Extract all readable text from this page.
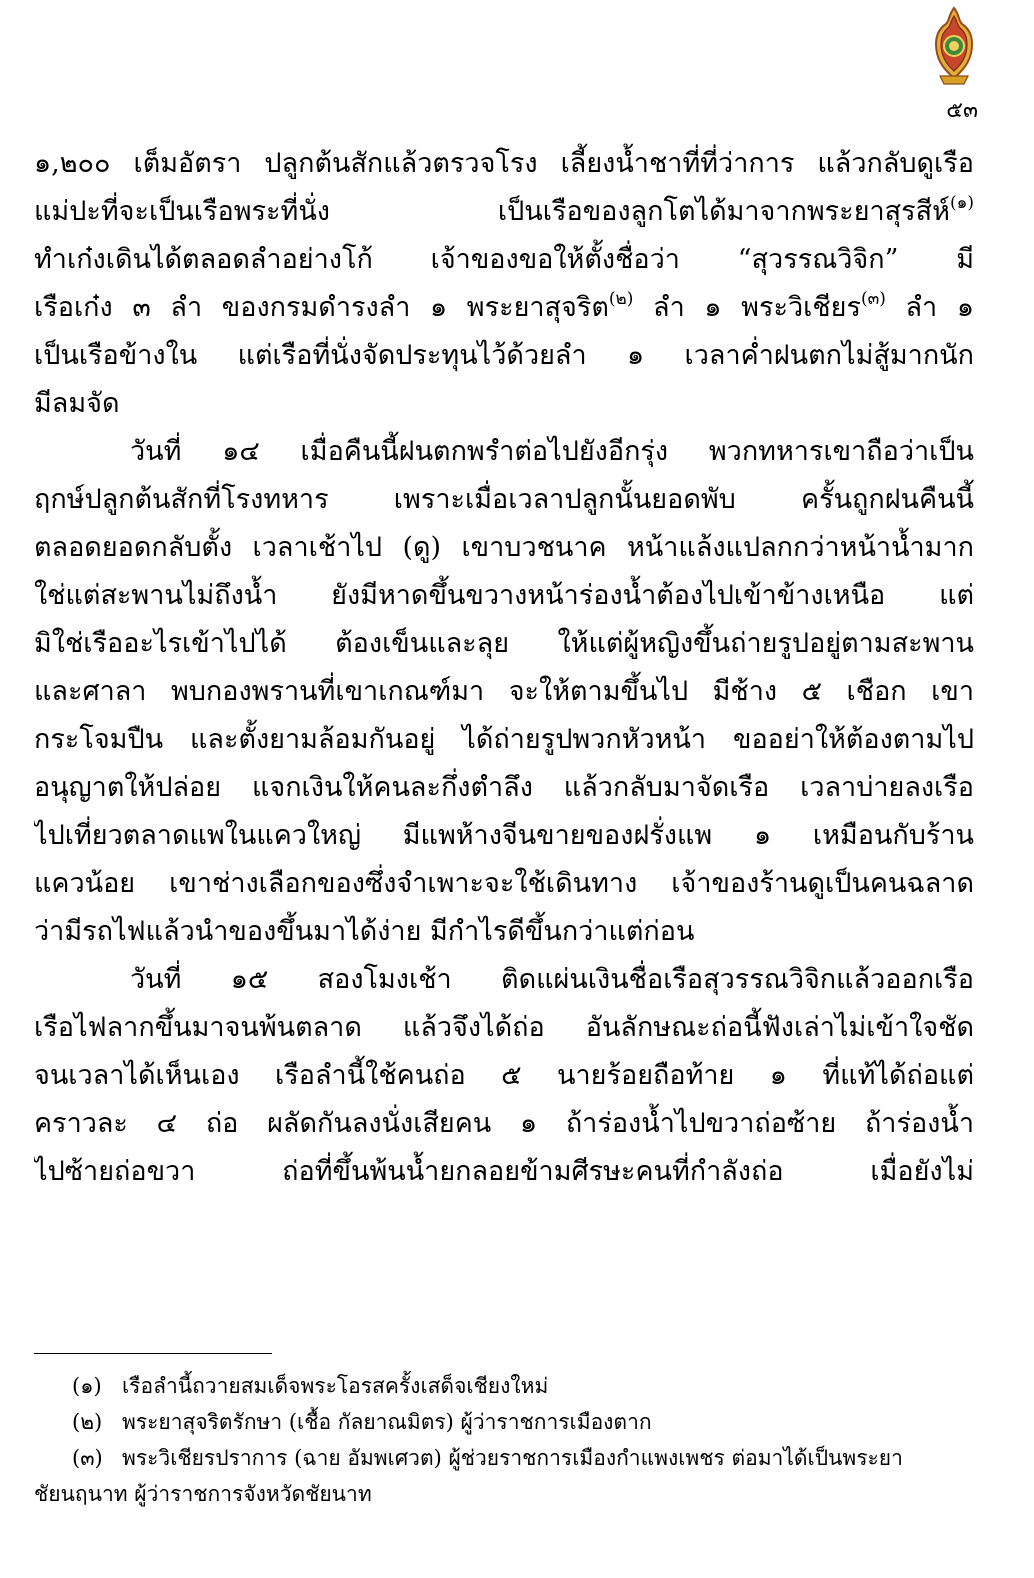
๕๓
๑,๒๐๐ เต็มอัตรา ปลูกต้นสักแล้วตรวจโรง เลี้ยงน้ำชาที่ที่ว่าการ แล้วกลับดูเรือ
แม่ปะที่จะเป็นเรือพระที่นั่ง เป็นเรือของลูกโตได้มาจากพระยาสุรสีห์$^{(๑)}$
ทำเก๋งเดินได้ตลอดลำอย่างโก้ เจ้าของขอให้ตั้งชื่อว่า “สุวรรณวิจิก” มี
เรือเก๋ง ๓ ลำ ของกรมดำรงลำ ๑ พระยาสุจริต$^{(๒)}$ ลำ ๑ พระวิเชียร$^{(๓)}$ ลำ ๑
เป็นเรือข้างใน แต่เรือที่นั่งจัดประทุนไว้ด้วยลำ ๑ เวลาค่ำฝนตกไม่สู้มากนัก
มีลมจัด
วันที่ ๑๔ เมื่อคืนนี้ฝนตกพรำต่อไปยังอีกรุ่ง พวกทหารเขาถือว่าเป็น
ฤกษ์ปลูกต้นสักที่โรงทหาร เพราะเมื่อเวลาปลูกนั้นยอดพับ ครั้นถูกฝนคืนนี้
ตลอดยอดกลับตั้ง เวลาเช้าไป (ดู) เขาบวชนาค หน้าแล้งแปลกกว่าหน้าน้ำมาก
ใช่แต่สะพานไม่ถึงน้ำ ยังมีหาดขึ้นขวางหน้าร่องน้ำต้องไปเข้าข้างเหนือ แต่
มิใช่เรืออะไรเข้าไปได้ ต้องเข็นและลุย ให้แต่ผู้หญิงขึ้นถ่ายรูปอยู่ตามสะพาน
และศาลา พบกองพรานที่เขาเกณฑ์มา จะให้ตามขึ้นไป มีช้าง ๕ เชือก เขา
กระโจมปืน และตั้งยามล้อมกันอยู่ ได้ถ่ายรูปพวกหัวหน้า ขออย่าให้ต้องตามไป
อนุญาตให้ปล่อย แจกเงินให้คนละกึ่งตำลึง แล้วกลับมาจัดเรือ เวลาบ่ายลงเรือ
ไปเที่ยวตลาดแพในแควใหญ่ มีแพห้างจีนขายของฝรั่งแพ ๑ เหมือนกับร้าน
แควน้อย เขาช่างเลือกของซึ่งจำเพาะจะใช้เดินทาง เจ้าของร้านดูเป็นคนฉลาด
ว่ามีรถไฟแล้วนำของขึ้นมาได้ง่าย มีกำไรดีขึ้นกว่าแต่ก่อน
วันที่ ๑๕ สองโมงเช้า ติดแผ่นเงินชื่อเรือสุวรรณวิจิกแล้วออกเรือ
เรือไฟลากขึ้นมาจนพ้นตลาด แล้วจึงได้ถ่อ อันลักษณะถ่อนี้ฟังเล่าไม่เข้าใจชัด
จนเวลาได้เห็นเอง เรือลำนี้ใช้คนถ่อ ๕ นายร้อยถือท้าย ๑ ที่แท้ได้ถ่อแต่
คราวละ ๔ ถ่อ ผลัดกันลงนั่งเสียคน ๑ ถ้าร่องน้ำไปขวาถ่อซ้าย ถ้าร่องน้ำ
ไปซ้ายถ่อขวา ถ่อที่ขึ้นพ้นน้ำยกลอยข้ามศีรษะคนที่กำลังถ่อ เมื่อยังไม่
(๑) เรือลำนี้ถวายสมเด็จพระโอรสครั้งเสด็จเชียงใหม่
(๒) พระยาสุจริตรักษา (เชื้อ กัลยาณมิตร) ผู้ว่าราชการเมืองตาก
(๓) พระวิเชียรปราการ (ฉาย อัมพเศวต) ผู้ช่วยราชการเมืองกำแพงเพชร ต่อมาได้เป็นพระยา
ชัยนฤนาท ผู้ว่าราชการจังหวัดชัยนาท
